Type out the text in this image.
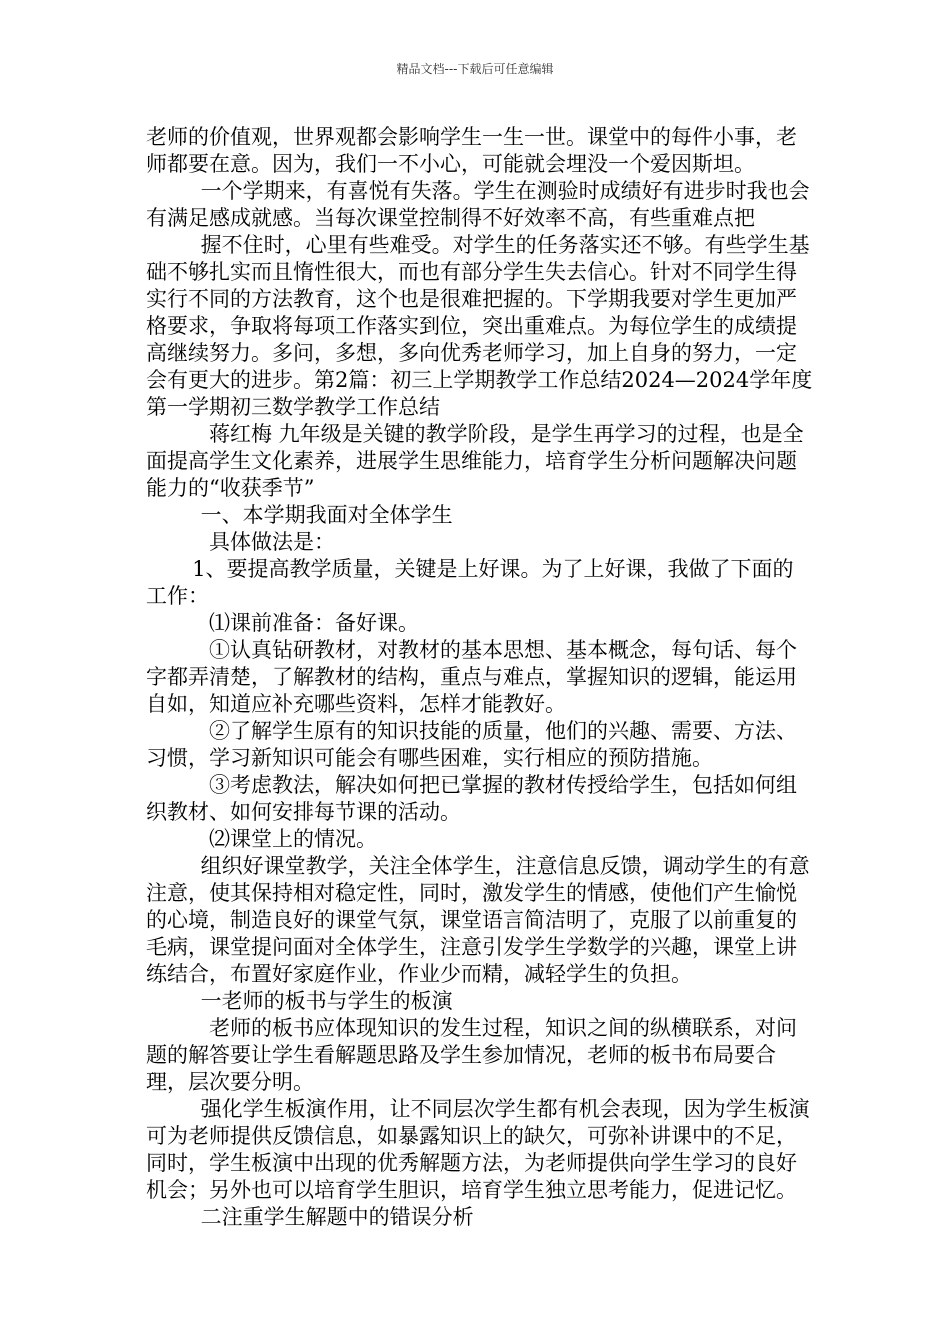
精品文档---下载后可任意编辑

老师的价值观，世界观都会影响学生一生一世。课堂中的每件小事，老师都要在意。因为，我们一不小心，可能就会埋没一个爱因斯坦。

一个学期来，有喜悦有失落。学生在测验时成绩好有进步时我也会有满足感成就感。当每次课堂控制得不好效率不高，有些重难点把

握不住时，心里有些难受。对学生的任务落实还不够。有些学生基础不够扎实而且惰性很大，而也有部分学生失去信心。针对不同学生得实行不同的方法教育，这个也是很难把握的。下学期我要对学生更加严格要求，争取将每项工作落实到位，突出重难点。为每位学生的成绩提高继续努力。多问，多想，多向优秀老师学习，加上自身的努力，一定会有更大的进步。第2篇：初三上学期教学工作总结2024—2024学年度第一学期初三数学教学工作总结

蒋红梅 九年级是关键的教学阶段，是学生再学习的过程，也是全面提高学生文化素养，进展学生思维能力，培育学生分析问题解决问题能力的“收获季节”

一、本学期我面对全体学生

具体做法是：

1、要提高教学质量，关键是上好课。为了上好课，我做了下面的工作：

⑴课前准备：备好课。

①认真钻研教材，对教材的基本思想、基本概念，每句话、每个字都弄清楚，了解教材的结构，重点与难点，掌握知识的逻辑，能运用自如，知道应补充哪些资料，怎样才能教好。

②了解学生原有的知识技能的质量，他们的兴趣、需要、方法、习惯，学习新知识可能会有哪些困难，实行相应的预防措施。

③考虑教法，解决如何把已掌握的教材传授给学生，包括如何组织教材、如何安排每节课的活动。

⑵课堂上的情况。

组织好课堂教学，关注全体学生，注意信息反馈，调动学生的有意注意，使其保持相对稳定性，同时，激发学生的情感，使他们产生愉悦的心境，制造良好的课堂气氛，课堂语言简洁明了，克服了以前重复的毛病，课堂提问面对全体学生，注意引发学生学数学的兴趣，课堂上讲练结合，布置好家庭作业，作业少而精，减轻学生的负担。

一老师的板书与学生的板演

老师的板书应体现知识的发生过程，知识之间的纵横联系，对问题的解答要让学生看解题思路及学生参加情况，老师的板书布局要合理，层次要分明。

强化学生板演作用，让不同层次学生都有机会表现，因为学生板演可为老师提供反馈信息，如暴露知识上的缺欠，可弥补讲课中的不足，同时，学生板演中出现的优秀解题方法，为老师提供向学生学习的良好机会；另外也可以培育学生胆识，培育学生独立思考能力，促进记忆。

二注重学生解题中的错误分析
